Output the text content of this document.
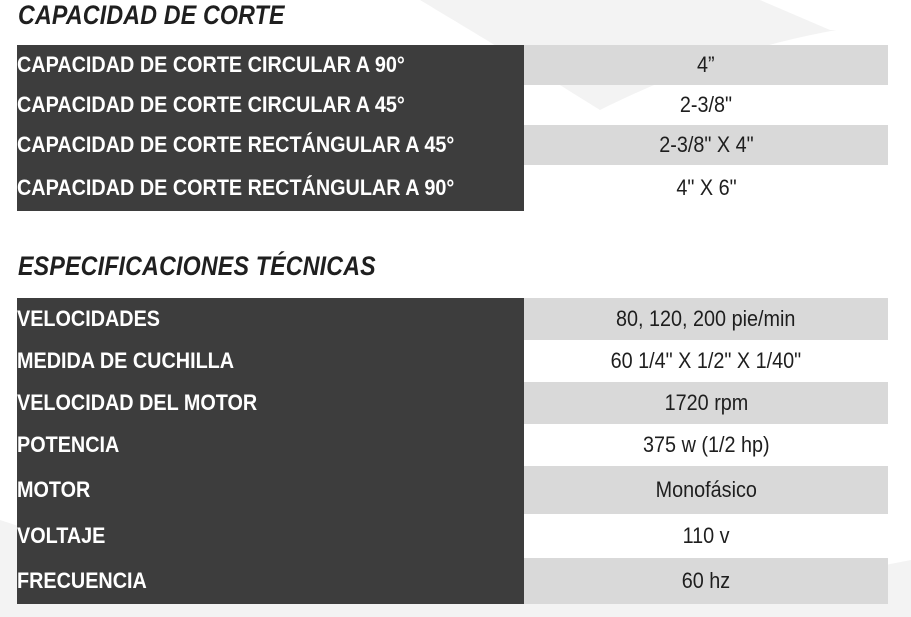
CAPACIDAD DE CORTE
CAPACIDAD DE CORTE CIRCULAR A 90°	4”
CAPACIDAD DE CORTE CIRCULAR A 45°	2-3/8"
CAPACIDAD DE CORTE RECTÁNGULAR A 45°	2-3/8" X 4"
CAPACIDAD DE CORTE RECTÁNGULAR A 90°	4" X 6"
ESPECIFICACIONES TÉCNICAS
VELOCIDADES	80, 120, 200 pie/min
MEDIDA DE CUCHILLA	60 1/4" X 1/2" X 1/40"
VELOCIDAD DEL MOTOR	1720 rpm
POTENCIA	375 w (1/2 hp)
MOTOR	Monofásico
VOLTAJE	110 v
FRECUENCIA	60 hz
